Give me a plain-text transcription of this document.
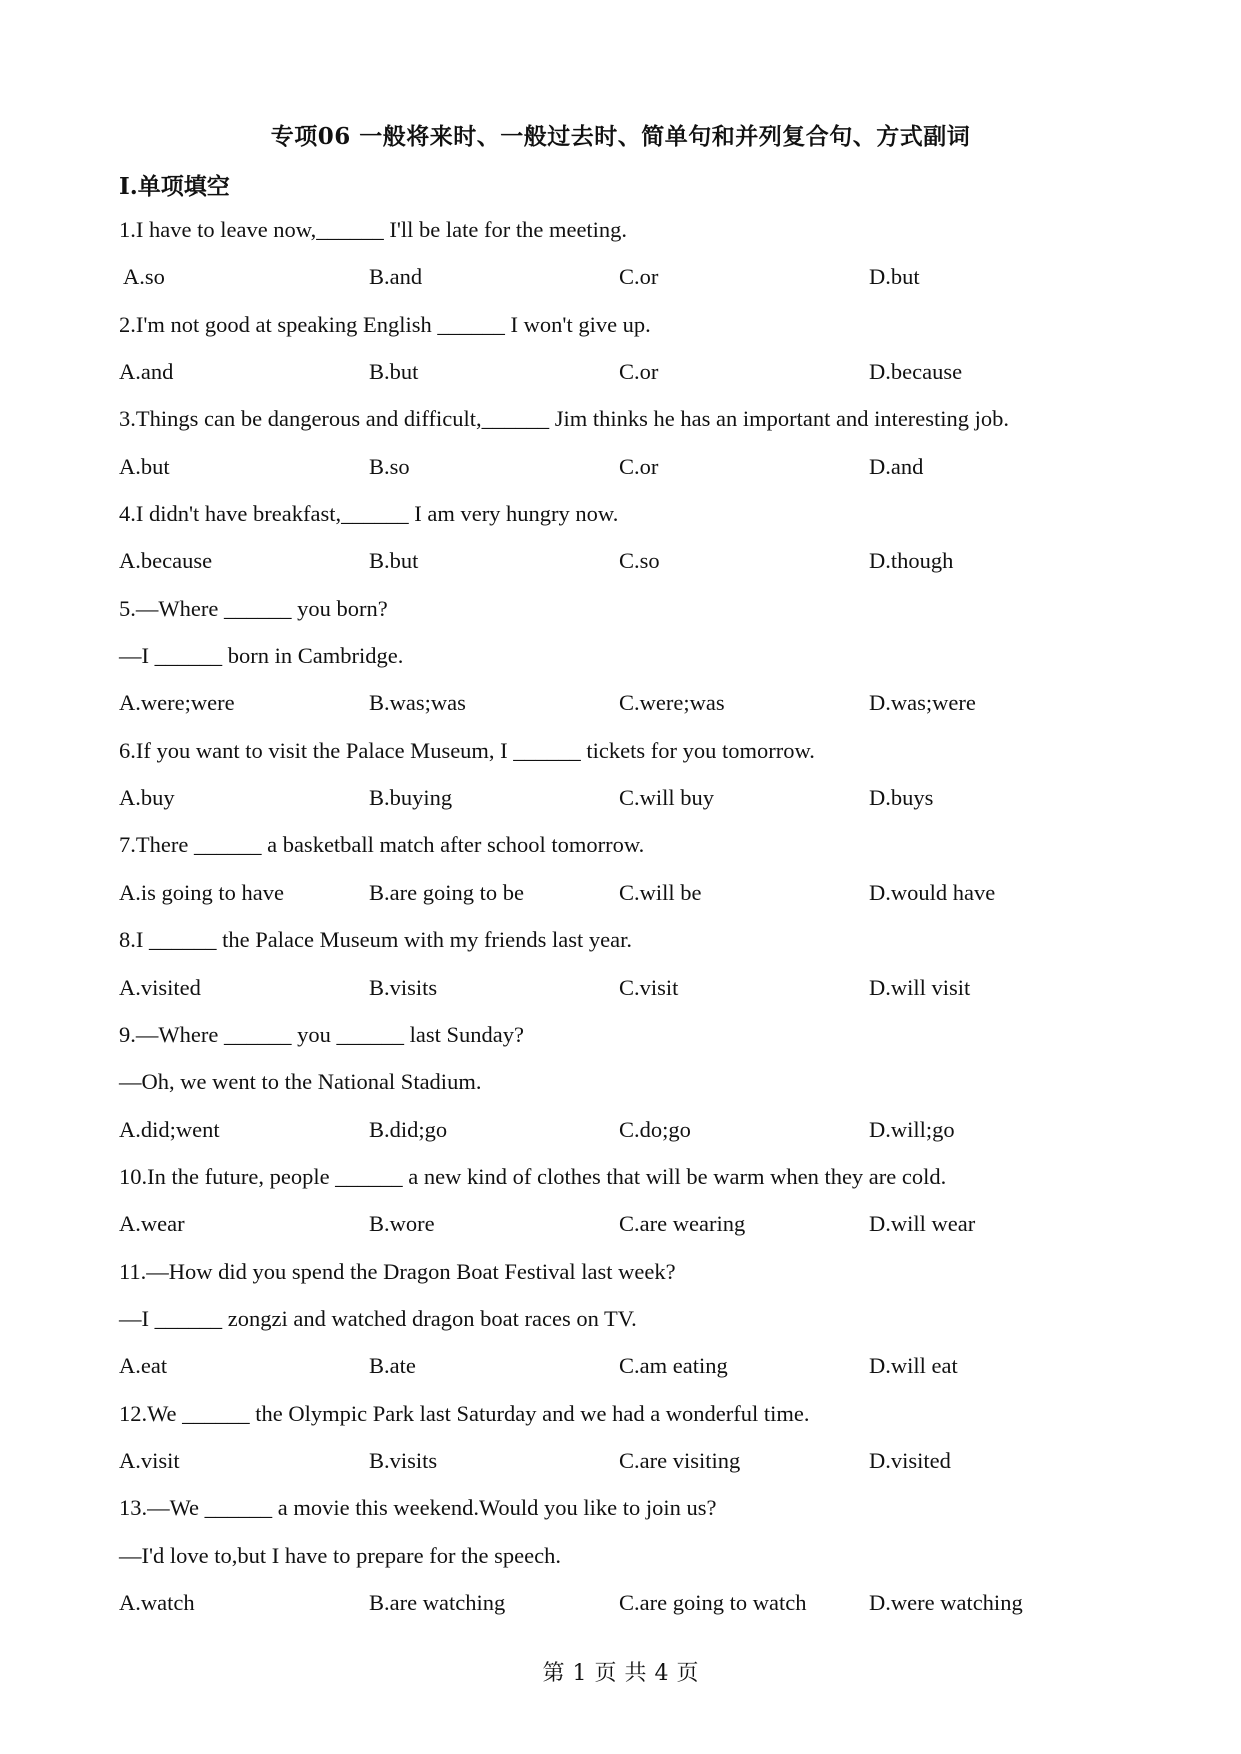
专项06 一般将来时、一般过去时、简单句和并列复合句、方式副词
I.单项填空
1.I have to leave now,______ I'll be late for the meeting.
A.so	B.and	C.or	D.but
2.I'm not good at speaking English ______ I won't give up.
A.and	B.but	C.or	D.because
3.Things can be dangerous and difficult,______ Jim thinks he has an important and interesting job.
A.but	B.so	C.or	D.and
4.I didn't have breakfast,______ I am very hungry now.
A.because	B.but	C.so	D.though
5.—Where ______ you born?
—I ______ born in Cambridge.
A.were;were	B.was;was	C.were;was	D.was;were
6.If you want to visit the Palace Museum, I ______ tickets for you tomorrow.
A.buy	B.buying	C.will buy	D.buys
7.There ______ a basketball match after school tomorrow.
A.is going to have	B.are going to be	C.will be	D.would have
8.I ______ the Palace Museum with my friends last year.
A.visited	B.visits	C.visit	D.will visit
9.—Where ______ you ______ last Sunday?
—Oh, we went to the National Stadium.
A.did;went	B.did;go	C.do;go	D.will;go
10.In the future, people ______ a new kind of clothes that will be warm when they are cold.
A.wear	B.wore	C.are wearing	D.will wear
11.—How did you spend the Dragon Boat Festival last week?
—I ______ zongzi and watched dragon boat races on TV.
A.eat	B.ate	C.am eating	D.will eat
12.We ______ the Olympic Park last Saturday and we had a wonderful time.
A.visit	B.visits	C.are visiting	D.visited
13.—We ______ a movie this weekend.Would you like to join us?
—I'd love to,but I have to prepare for the speech.
A.watch	B.are watching	C.are going to watch	D.were watching
第 1 页 共 4 页
